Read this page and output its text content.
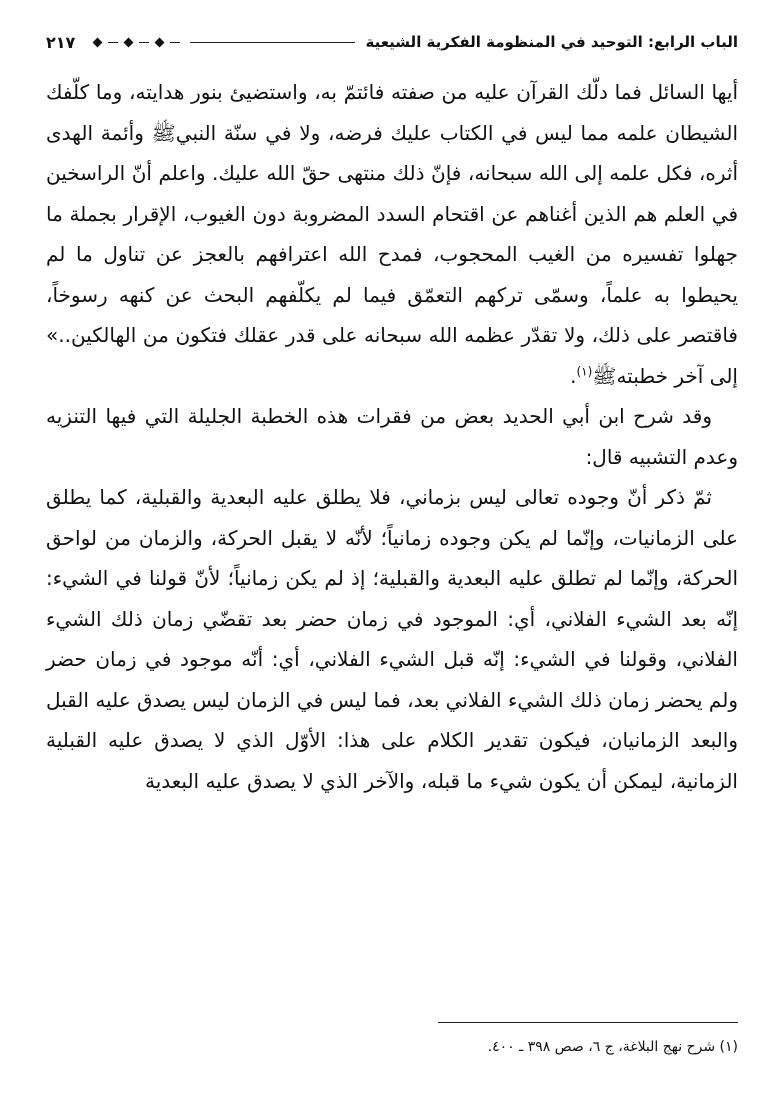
الباب الرابع: التوحيد في المنظومة الفكرية الشيعية
٢١٧

أيها السائل فما دلّك القرآن عليه من صفته فائتمّ به، واستضيئ بنور هدايته، وما كلّفك الشيطان علمه مما ليس في الكتاب عليك فرضه، ولا في سنّة النبيﷺ وأئمة الهدى أثره، فكل علمه إلى الله سبحانه، فإنّ ذلك منتهى حقّ الله عليك. واعلم أنّ الراسخين في العلم هم الذين أغناهم عن اقتحام السدد المضروبة دون الغيوب، الإقرار بجملة ما جهلوا تفسيره من الغيب المحجوب، فمدح الله اعترافهم بالعجز عن تناول ما لم يحيطوا به علماً، وسمّى تركهم التعمّق فيما لم يكلّفهم البحث عن كنهه رسوخاً، فاقتصر على ذلك، ولا تقدّر عظمه الله سبحانه على قدر عقلك فتكون من الهالكين..» إلى آخر خطبتهﷺ$^{(١)}$.

وقد شرح ابن أبي الحديد بعض من فقرات هذه الخطبة الجليلة التي فيها التنزيه وعدم التشبيه قال:

ثمّ ذكر أنّ وجوده تعالى ليس بزماني، فلا يطلق عليه البعدية والقبلية، كما يطلق على الزمانيات، وإنّما لم يكن وجوده زمانياً؛ لأنّه لا يقبل الحركة، والزمان من لواحق الحركة، وإنّما لم تطلق عليه البعدية والقبلية؛ إذ لم يكن زمانياً؛ لأنّ قولنا في الشيء: إنّه بعد الشيء الفلاني، أي: الموجود في زمان حضر بعد تقضّي زمان ذلك الشيء الفلاني، وقولنا في الشيء: إنّه قبل الشيء الفلاني، أي: أنّه موجود في زمان حضر ولم يحضر زمان ذلك الشيء الفلاني بعد، فما ليس في الزمان ليس يصدق عليه القبل والبعد الزمانيان، فيكون تقدير الكلام على هذا: الأوّل الذي لا يصدق عليه القبلية الزمانية، ليمكن أن يكون شيء ما قبله، والآخر الذي لا يصدق عليه البعدية

(١) شرح نهج البلاغة، ج ٦، صص ٣٩٨ ـ ٤٠٠.
